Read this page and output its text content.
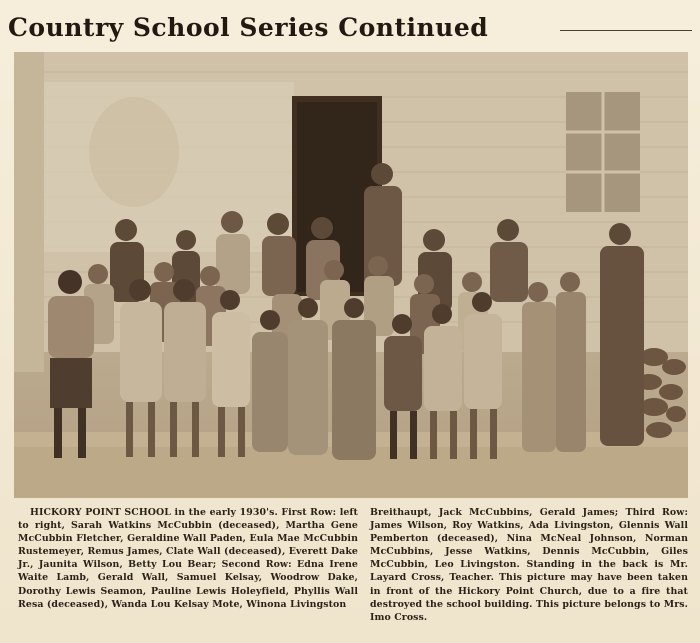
Country School Series Continued
HICKORY POINT SCHOOL in the early 1930's. First Row: left to right, Sarah Watkins McCubbin (deceased), Martha Gene McCubbin Fletcher, Geraldine Wall Paden, Eula Mae McCubbin Rustemeyer, Remus James, Clate Wall (deceased), Everett Dake Jr., Jaunita Wilson, Betty Lou Bear; Second Row: Edna Irene Waite Lamb, Gerald Wall, Samuel Kelsay, Woodrow Dake, Dorothy Lewis Seamon, Pauline Lewis Holeyfield, Phyllis Wall Resa (deceased), Wanda Lou Kelsay Mote, Winona Livingston
Breithaupt, Jack McCubbins, Gerald James; Third Row: James Wilson, Roy Watkins, Ada Livingston, Glennis Wall Pemberton (deceased), Nina McNeal Johnson, Norman McCubbins, Jesse Watkins, Dennis McCubbin, Giles McCubbin, Leo Livingston. Standing in the back is Mr. Layard Cross, Teacher. This picture may have been taken in front of the Hickory Point Church, due to a fire that destroyed the school building. This picture belongs to Mrs. Imo Cross.
